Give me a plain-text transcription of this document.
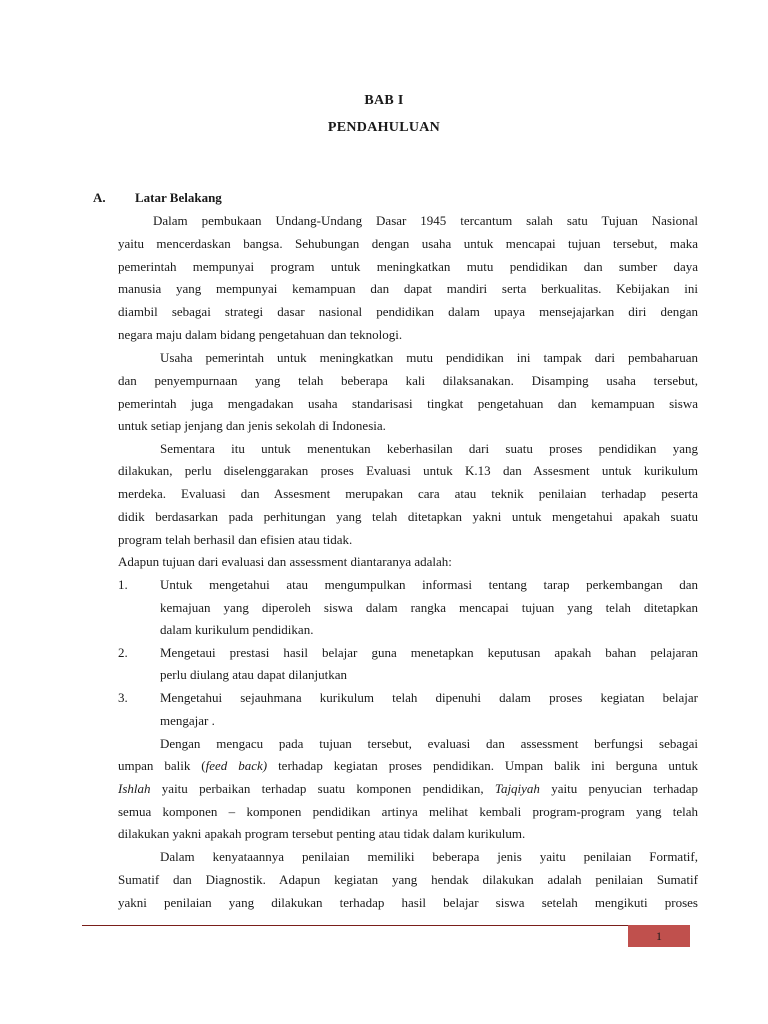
BAB I
PENDAHULUAN
A. Latar Belakang
Dalam pembukaan Undang-Undang Dasar 1945 tercantum salah satu Tujuan Nasional
yaitu mencerdaskan bangsa. Sehubungan dengan usaha untuk mencapai tujuan tersebut, maka
pemerintah mempunyai program untuk meningkatkan mutu pendidikan dan sumber daya
manusia yang mempunyai kemampuan dan dapat mandiri serta berkualitas. Kebijakan ini
diambil sebagai strategi dasar nasional pendidikan dalam upaya mensejajarkan diri dengan
negara maju dalam bidang pengetahuan dan teknologi.
Usaha pemerintah untuk meningkatkan mutu pendidikan ini tampak dari pembaharuan
dan penyempurnaan yang telah beberapa kali dilaksanakan. Disamping usaha tersebut,
pemerintah juga mengadakan usaha standarisasi tingkat pengetahuan dan kemampuan siswa
untuk setiap jenjang dan jenis sekolah di Indonesia.
Sementara itu untuk menentukan keberhasilan dari suatu proses pendidikan yang
dilakukan, perlu diselenggarakan proses Evaluasi untuk K.13 dan Assesment untuk kurikulum
merdeka. Evaluasi dan Assesment merupakan cara atau teknik penilaian terhadap peserta
didik berdasarkan pada perhitungan yang telah ditetapkan yakni untuk mengetahui apakah suatu
program telah berhasil dan efisien atau tidak.
Adapun tujuan dari evaluasi dan assessment diantaranya adalah:
1. Untuk mengetahui atau mengumpulkan informasi tentang tarap perkembangan dan
kemajuan yang diperoleh siswa dalam rangka mencapai tujuan yang telah ditetapkan
dalam kurikulum pendidikan.
2. Mengetaui prestasi hasil belajar guna menetapkan keputusan apakah bahan pelajaran
perlu diulang atau dapat dilanjutkan
3. Mengetahui sejauhmana kurikulum telah dipenuhi dalam proses kegiatan belajar
mengajar .
Dengan mengacu pada tujuan tersebut, evaluasi dan assessment berfungsi sebagai
umpan balik (feed back) terhadap kegiatan proses pendidikan. Umpan balik ini berguna untuk
Ishlah yaitu perbaikan terhadap suatu komponen pendidikan, Tajqiyah yaitu penyucian terhadap
semua komponen – komponen pendidikan artinya melihat kembali program-program yang telah
dilakukan yakni apakah program tersebut penting atau tidak dalam kurikulum.
Dalam kenyataannya penilaian memiliki beberapa jenis yaitu penilaian Formatif,
Sumatif dan Diagnostik. Adapun kegiatan yang hendak dilakukan adalah penilaian Sumatif
yakni penilaian yang dilakukan terhadap hasil belajar siswa setelah mengikuti proses
1
